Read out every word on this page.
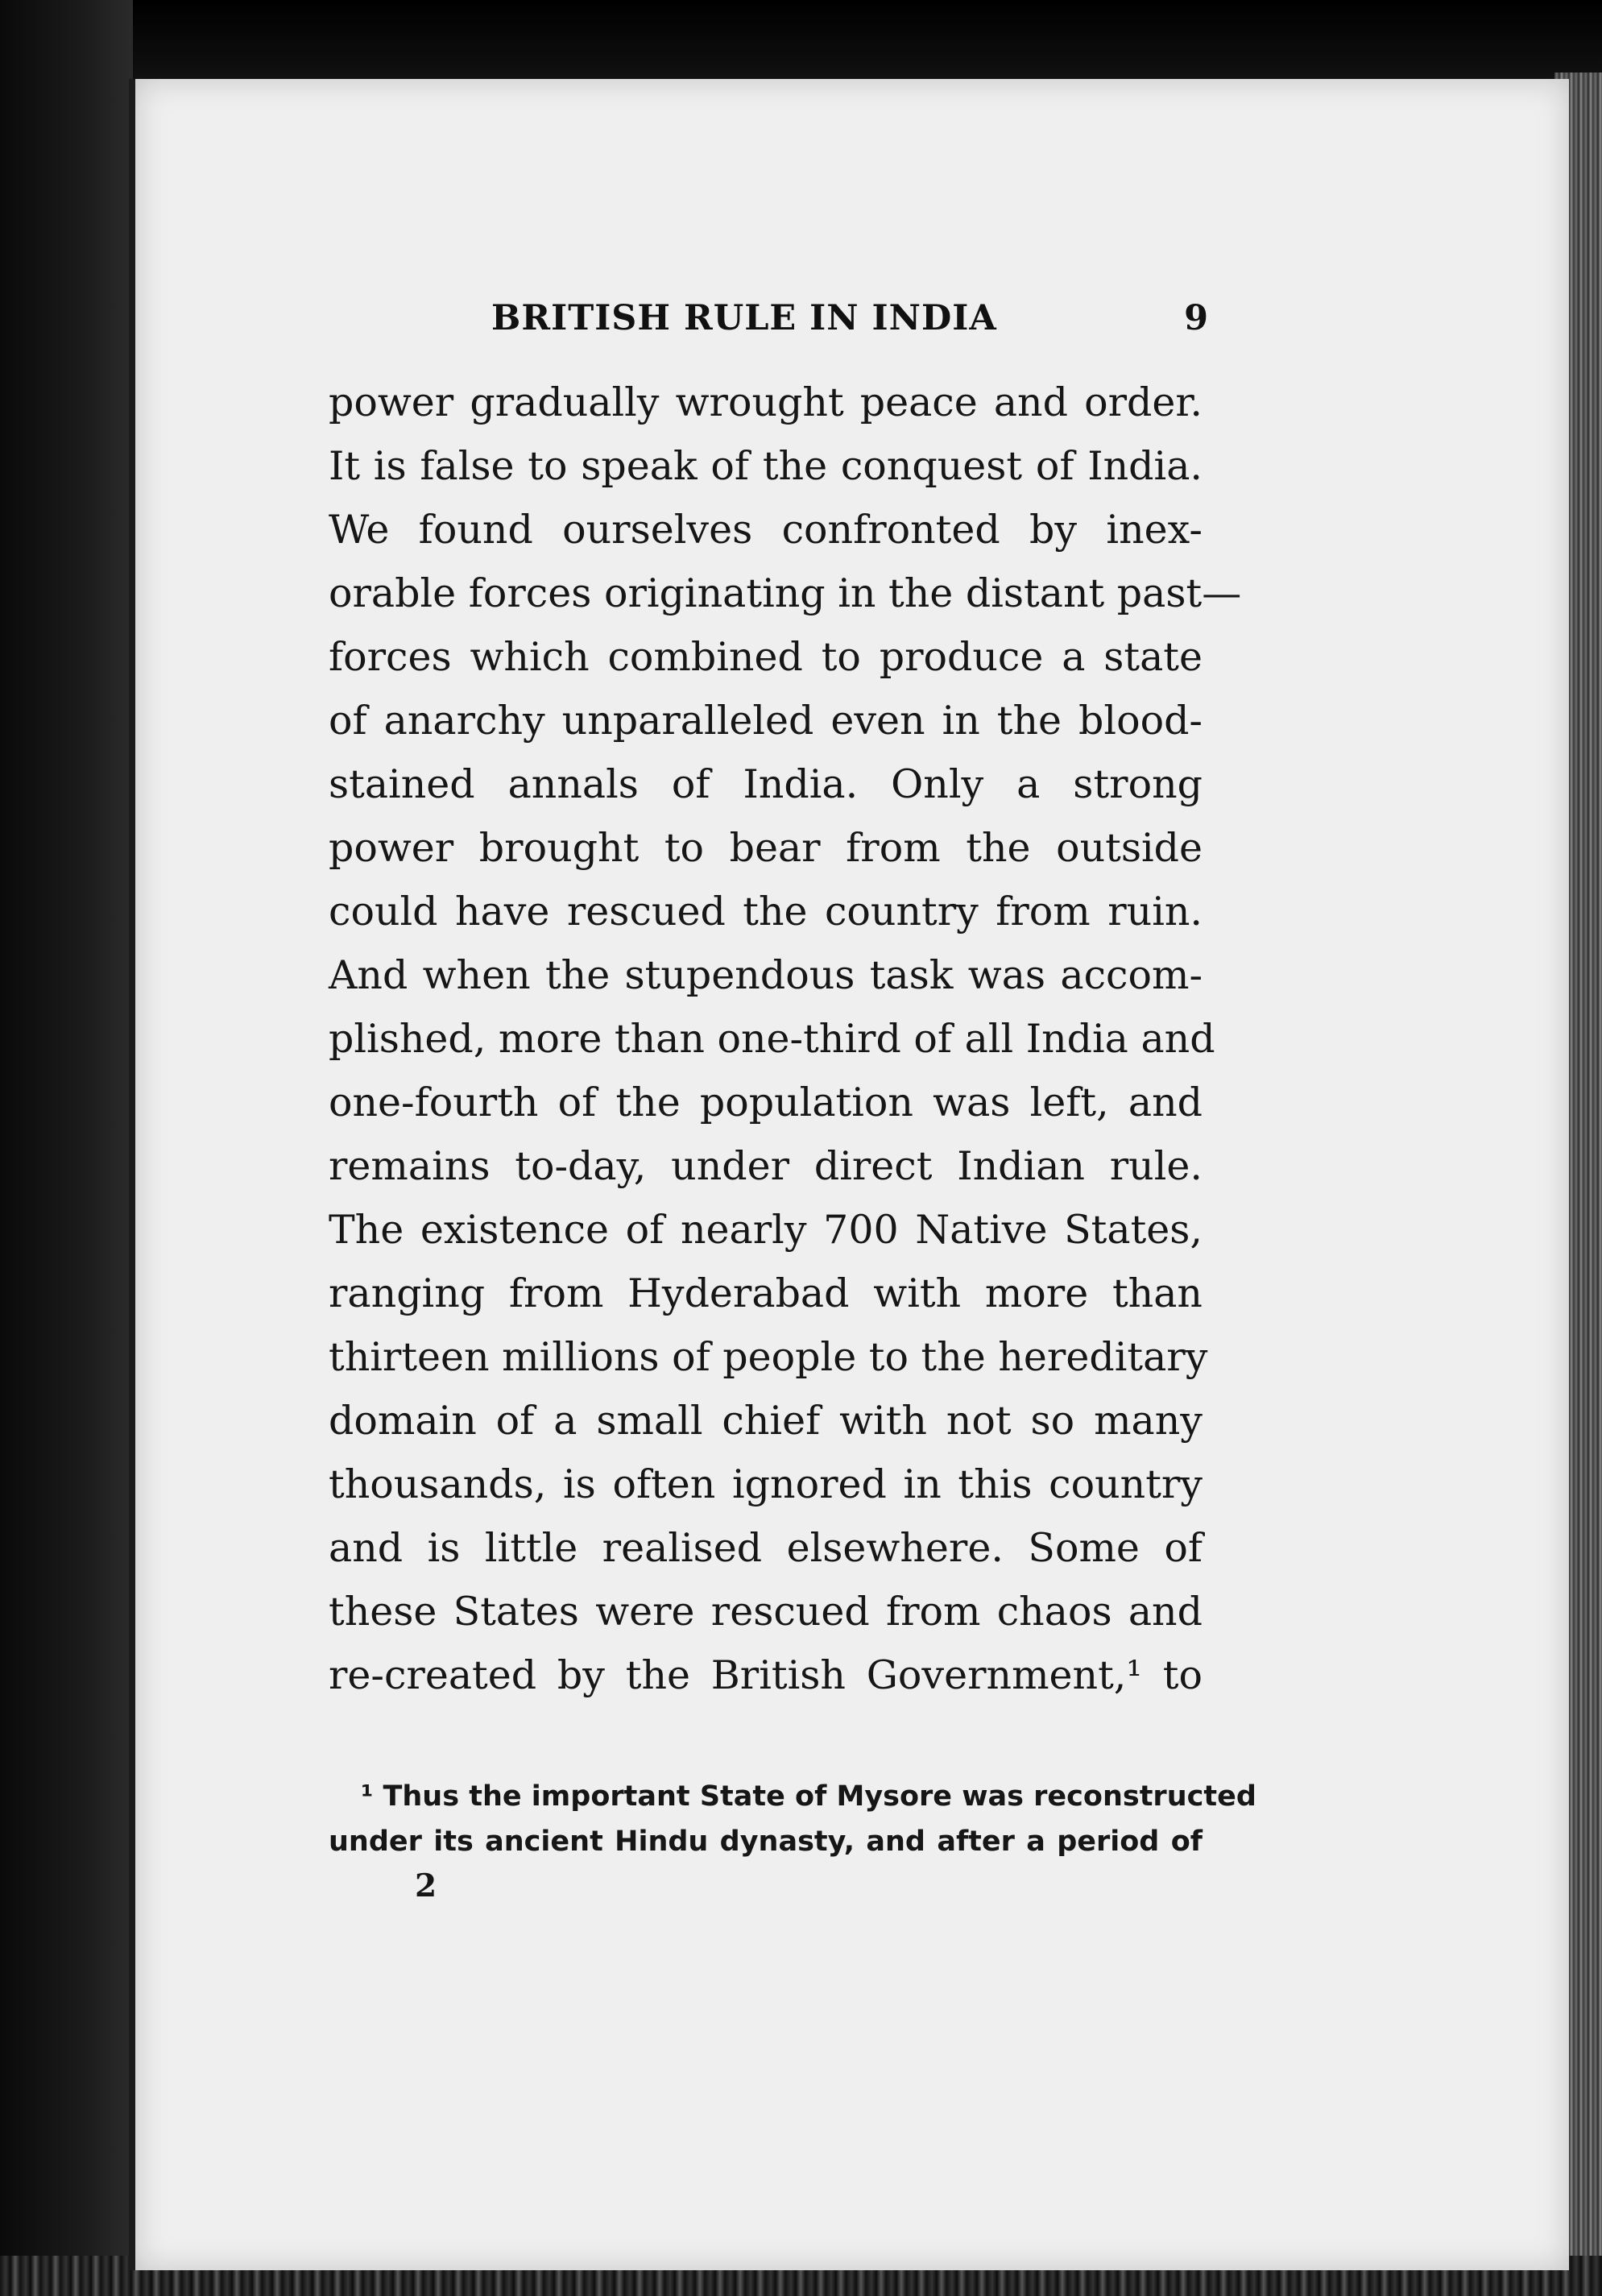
BRITISH RULE IN INDIA	9
power gradually wrought peace and order.
It is false to speak of the conquest of India.
We found ourselves confronted by inex-
orable forces originating in the distant past—
forces which combined to produce a state
of anarchy unparalleled even in the blood-
stained annals of India. Only a strong
power brought to bear from the outside
could have rescued the country from ruin.
And when the stupendous task was accom-
plished, more than one-third of all India and
one-fourth of the population was left, and
remains to-day, under direct Indian rule.
The existence of nearly 700 Native States,
ranging from Hyderabad with more than
thirteen millions of people to the hereditary
domain of a small chief with not so many
thousands, is often ignored in this country
and is little realised elsewhere. Some of
these States were rescued from chaos and
re-created by the British Government,¹ to
¹ Thus the important State of Mysore was reconstructed
under its ancient Hindu dynasty, and after a period of
2
